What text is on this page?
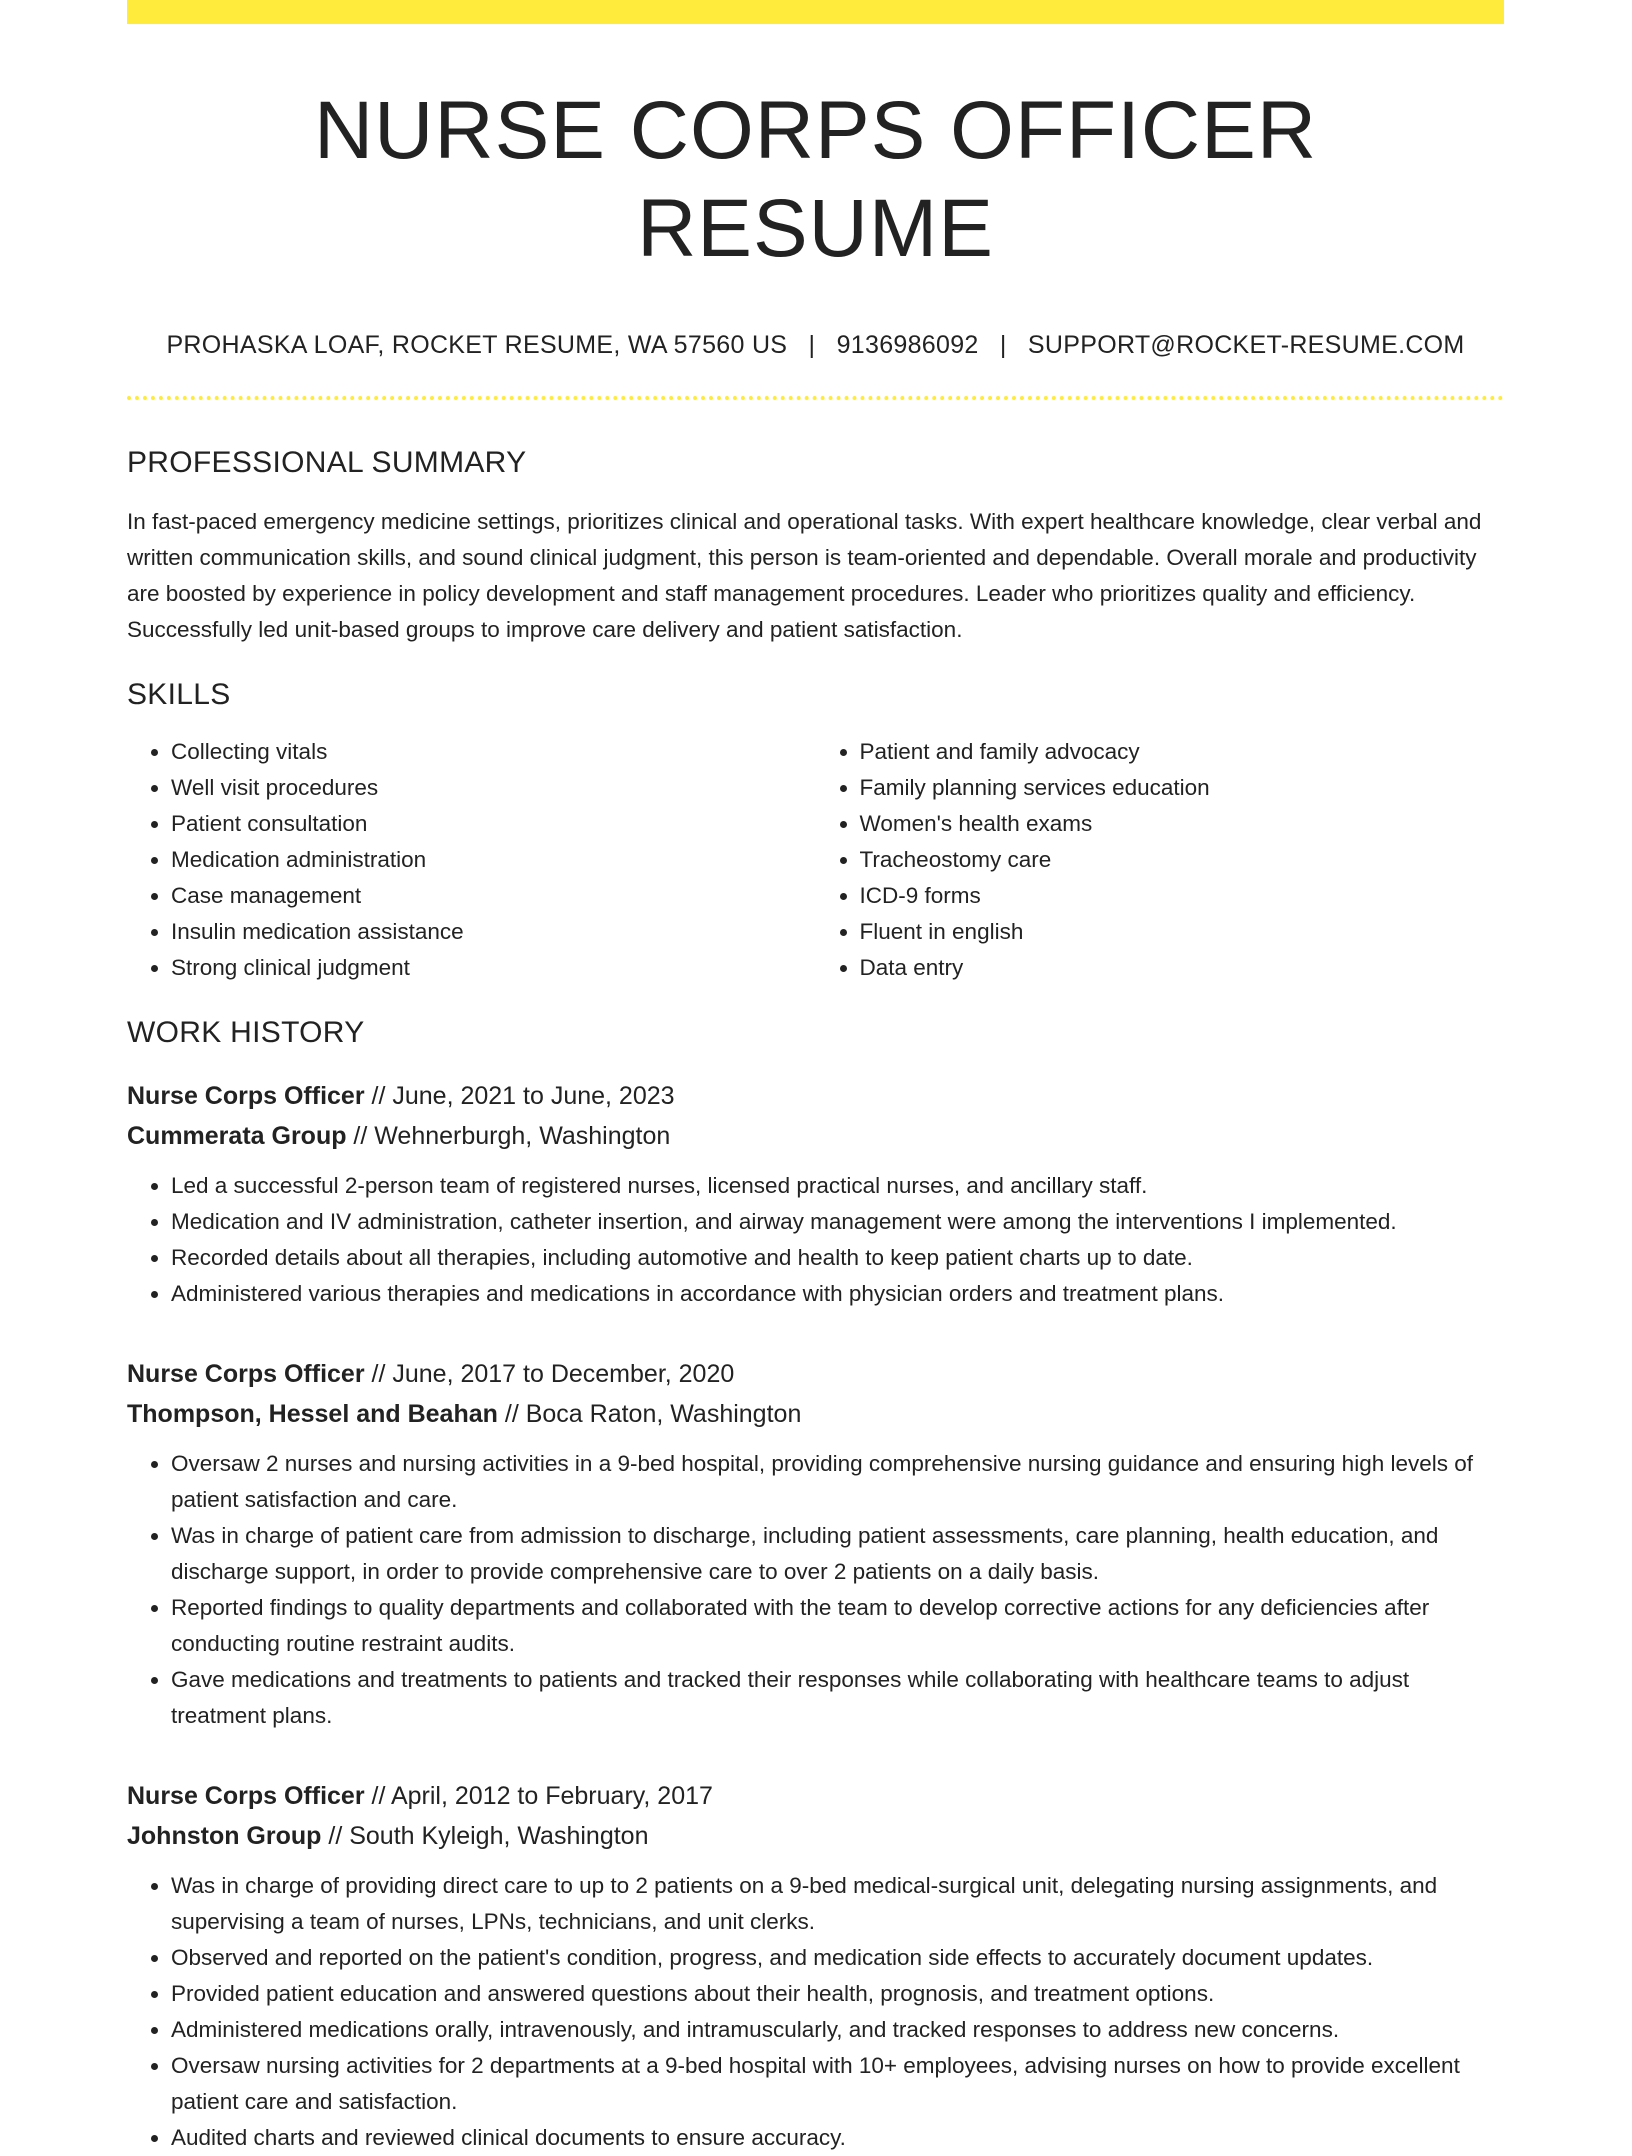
NURSE CORPS OFFICER RESUME
PROHASKA LOAF, ROCKET RESUME, WA 57560 US | 9136986092 | SUPPORT@ROCKET-RESUME.COM
PROFESSIONAL SUMMARY

In fast-paced emergency medicine settings, prioritizes clinical and operational tasks. With expert healthcare knowledge, clear verbal and written communication skills, and sound clinical judgment, this person is team-oriented and dependable. Overall morale and productivity are boosted by experience in policy development and staff management procedures. Leader who prioritizes quality and efficiency. Successfully led unit-based groups to improve care delivery and patient satisfaction.

SKILLS
• Collecting vitals
• Well visit procedures
• Patient consultation
• Medication administration
• Case management
• Insulin medication assistance
• Strong clinical judgment
• Patient and family advocacy
• Family planning services education
• Women's health exams
• Tracheostomy care
• ICD-9 forms
• Fluent in english
• Data entry
WORK HISTORY
Nurse Corps Officer // June, 2021 to June, 2023
Cummerata Group // Wehnerburgh, Washington
• Led a successful 2-person team of registered nurses, licensed practical nurses, and ancillary staff.
• Medication and IV administration, catheter insertion, and airway management were among the interventions I implemented.
• Recorded details about all therapies, including automotive and health to keep patient charts up to date.
• Administered various therapies and medications in accordance with physician orders and treatment plans.
Nurse Corps Officer // June, 2017 to December, 2020
Thompson, Hessel and Beahan // Boca Raton, Washington
• Oversaw 2 nurses and nursing activities in a 9-bed hospital, providing comprehensive nursing guidance and ensuring high levels of patient satisfaction and care.
• Was in charge of patient care from admission to discharge, including patient assessments, care planning, health education, and discharge support, in order to provide comprehensive care to over 2 patients on a daily basis.
• Reported findings to quality departments and collaborated with the team to develop corrective actions for any deficiencies after conducting routine restraint audits.
• Gave medications and treatments to patients and tracked their responses while collaborating with healthcare teams to adjust treatment plans.
Nurse Corps Officer // April, 2012 to February, 2017
Johnston Group // South Kyleigh, Washington
• Was in charge of providing direct care to up to 2 patients on a 9-bed medical-surgical unit, delegating nursing assignments, and supervising a team of nurses, LPNs, technicians, and unit clerks.
• Observed and reported on the patient's condition, progress, and medication side effects to accurately document updates.
• Provided patient education and answered questions about their health, prognosis, and treatment options.
• Administered medications orally, intravenously, and intramuscularly, and tracked responses to address new concerns.
• Oversaw nursing activities for 2 departments at a 9-bed hospital with 10+ employees, advising nurses on how to provide excellent patient care and satisfaction.
• Audited charts and reviewed clinical documents to ensure accuracy.
